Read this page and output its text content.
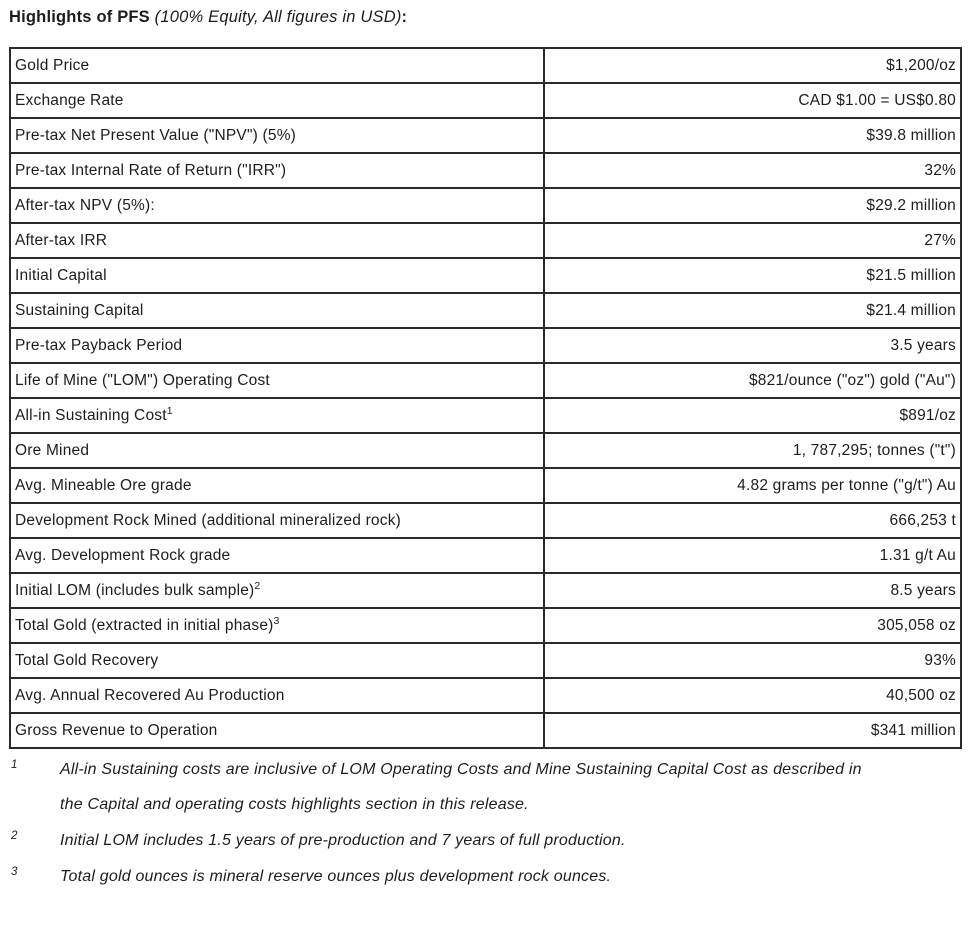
Highlights of PFS (100% Equity, All figures in USD):
Gold Price	$1,200/oz
Exchange Rate	CAD $1.00 = US$0.80
Pre-tax Net Present Value ("NPV") (5%)	$39.8 million
Pre-tax Internal Rate of Return ("IRR")	32%
After-tax NPV (5%):	$29.2 million
After-tax IRR	27%
Initial Capital	$21.5 million
Sustaining Capital	$21.4 million
Pre-tax Payback Period	3.5 years
Life of Mine ("LOM") Operating Cost	$821/ounce ("oz") gold ("Au")
All-in Sustaining Cost$^1$	$891/oz
Ore Mined	1, 787,295; tonnes ("t")
Avg. Mineable Ore grade	4.82 grams per tonne ("g/t") Au
Development Rock Mined (additional mineralized rock)	666,253 t
Avg. Development Rock grade	1.31 g/t Au
Initial LOM (includes bulk sample)$^2$	8.5 years
Total Gold (extracted in initial phase)$^3$	305,058 oz
Total Gold Recovery	93%
Avg. Annual Recovered Au Production	40,500 oz
Gross Revenue to Operation	$341 million
1	All-in Sustaining costs are inclusive of LOM Operating Costs and Mine Sustaining Capital Cost as described in the Capital and operating costs highlights section in this release.
2	Initial LOM includes 1.5 years of pre-production and 7 years of full production.
3	Total gold ounces is mineral reserve ounces plus development rock ounces.
